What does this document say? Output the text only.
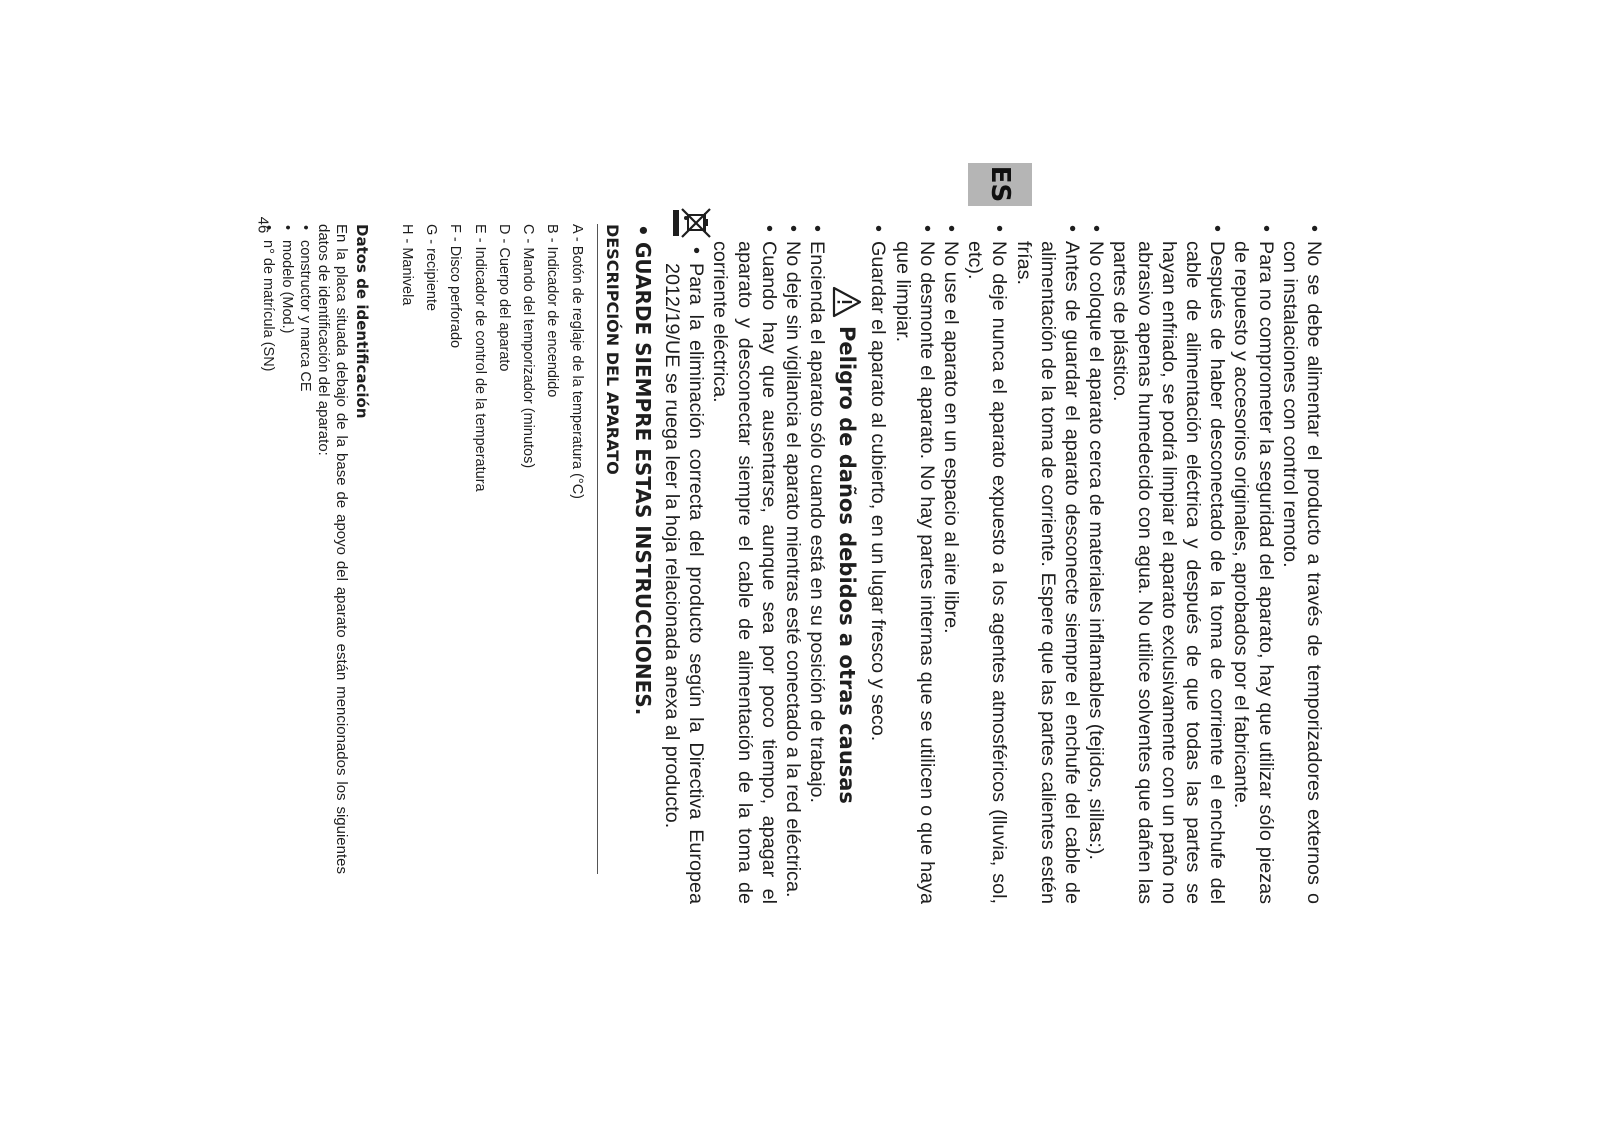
ES
46

• No se debe alimentar el producto a través de temporizadores externos o con instalaciones con control remoto.

• Para no comprometer la seguridad del aparato, hay que utilizar sólo piezas de repuesto y accesorios originales, aprobados por el fabricante.

• Después de haber desconectado de la toma de corriente el enchufe del cable de alimentación eléctrica y después de que todas las partes se hayan enfriado, se podrá limpiar el aparato exclusivamente con un paño no abrasivo apenas humedecido con agua. No utilice solventes que dañen las partes de plástico.

• No coloque el aparato cerca de materiales inflamables (tejidos, sillas:).

• Antes de guardar el aparato desconecte siempre el enchufe del cable de alimentación de la toma de corriente. Espere que las partes calientes estén frías.

• No deje nunca el aparato expuesto a los agentes atmosféricos (lluvia, sol, etc).

• No use el aparato en un espacio al aire libre.

• No desmonte el aparato. No hay partes internas que se utilicen o que haya que limpiar.

• Guardar el aparato al cubierto, en un lugar fresco y seco.

Peligro de daños debidos a otras causas

• Encienda el aparato sólo cuando está en su posición de trabajo.

• No deje sin vigilancia el aparato mientras esté conectado a la red eléctrica.

• Cuando hay que ausentarse, aunque sea por poco tiempo, apagar el aparato y desconectar siempre el cable de alimentación de la toma de corriente eléctrica.

• Para la eliminación correcta del producto según la Directiva Europea 2012/19/UE se ruega leer la hoja relacionada anexa al producto.

• GUARDE SIEMPRE ESTAS INSTRUCCIONES.
DESCRIPCIÓN DEL APARATO
A - Botón de reglaje de la temperatura (°C)
B - Indicador de encendido
C - Mando del temporizador (minutos)
D - Cuerpo del aparato
E - Indicador de control de la temperatura
F - Disco perforado
G - recipiente
H - Manivela
Datos de identificación
En la placa situada debajo de la base de apoyo del aparato están mencionados los siguientes datos de identificación del aparato:
• constructor y marca CE
• modelo (Mod.)
• n° de matrícula (SN)
